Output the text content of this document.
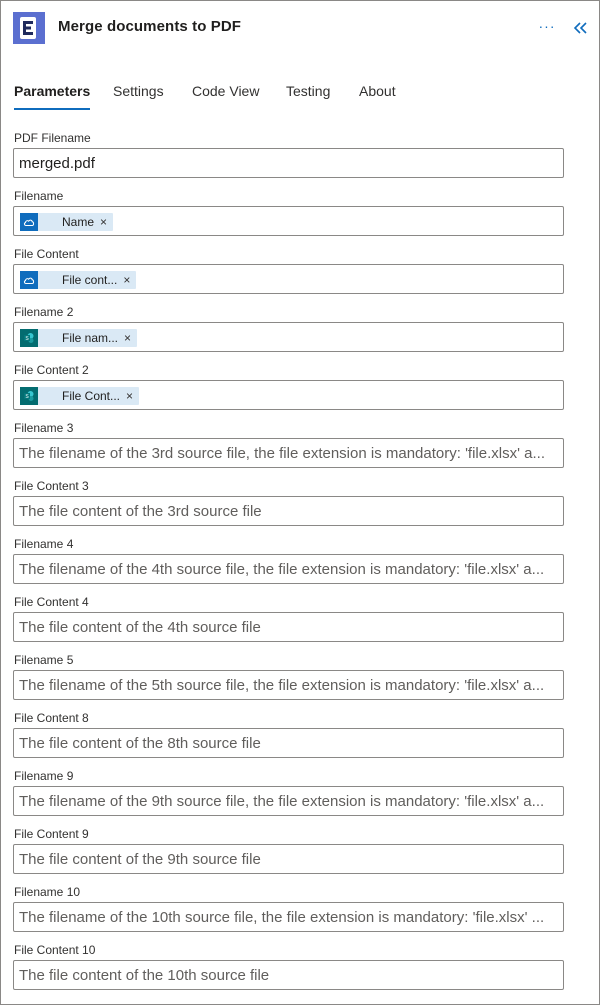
Merge documents to PDF	···
Parameters Settings Code View Testing About
PDF Filename
merged.pdf
Filename
Name ×
File Content
File cont... ×
Filename 2
S	File nam... ×
File Content 2
S	File Cont... ×
Filename 3
The filename of the 3rd source file, the file extension is mandatory: 'file.xlsx' a...
File Content 3
The file content of the 3rd source file
Filename 4
The filename of the 4th source file, the file extension is mandatory: 'file.xlsx' a...
File Content 4
The file content of the 4th source file
Filename 5
The filename of the 5th source file, the file extension is mandatory: 'file.xlsx' a...
File Content 8
The file content of the 8th source file
Filename 9
The filename of the 9th source file, the file extension is mandatory: 'file.xlsx' a...
File Content 9
The file content of the 9th source file
Filename 10
The filename of the 10th source file, the file extension is mandatory: 'file.xlsx' ...
File Content 10
The file content of the 10th source file
